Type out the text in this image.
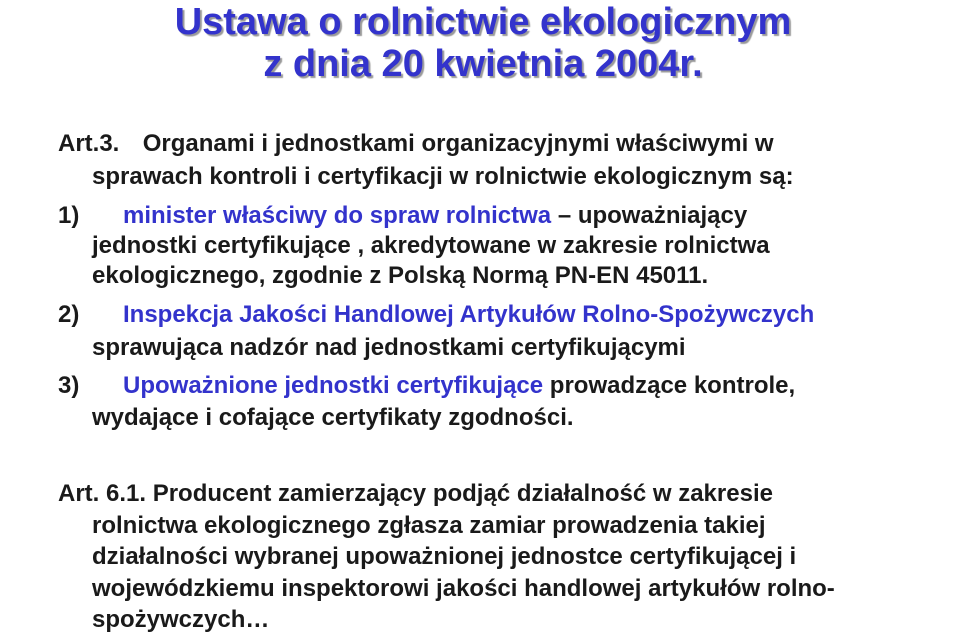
Ustawa o rolnictwie ekologicznym
z dnia 20 kwietnia 2004r.
Art.3. Organami i jednostkami organizacyjnymi właściwymi w
sprawach kontroli i certyfikacji w rolnictwie ekologicznym są:
1) minister właściwy do spraw rolnictwa – upoważniający
jednostki certyfikujące , akredytowane w zakresie rolnictwa
ekologicznego, zgodnie z Polską Normą PN-EN 45011.
2) Inspekcja Jakości Handlowej Artykułów Rolno-Spożywczych
sprawująca nadzór nad jednostkami certyfikującymi
3) Upoważnione jednostki certyfikujące prowadzące kontrole,
wydające i cofające certyfikaty zgodności.
Art. 6.1. Producent zamierzający podjąć działalność w zakresie
rolnictwa ekologicznego zgłasza zamiar prowadzenia takiej
działalności wybranej upoważnionej jednostce certyfikującej i
wojewódzkiemu inspektorowi jakości handlowej artykułów rolno-
spożywczych…
